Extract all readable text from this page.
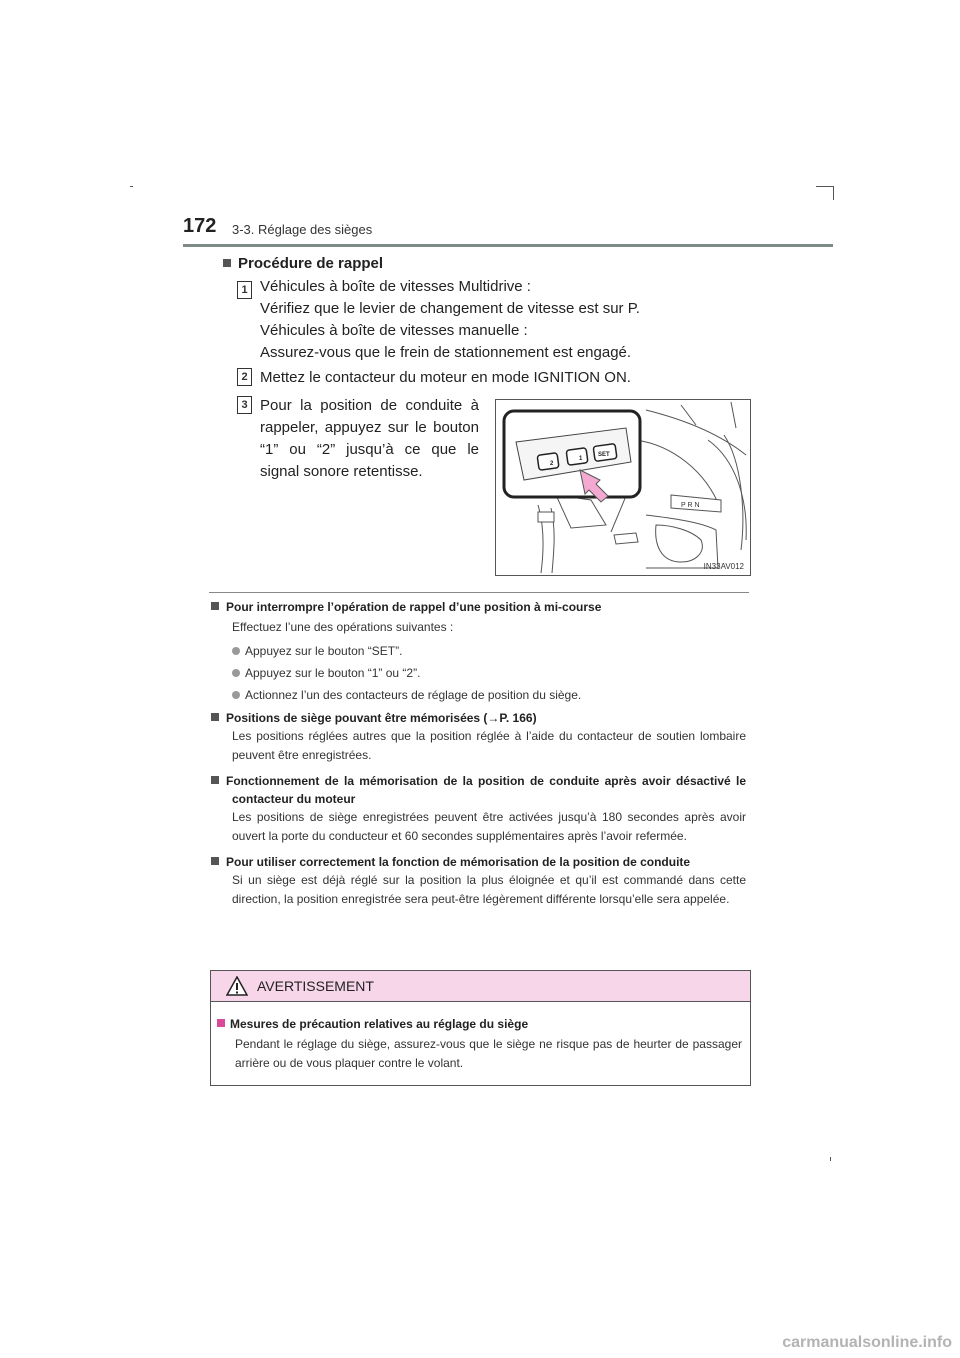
172 3-3. Réglage des sièges
Procédure de rappel
1 Véhicules à boîte de vitesses Multidrive :
Vérifiez que le levier de changement de vitesse est sur P.
Véhicules à boîte de vitesses manuelle :
Assurez-vous que le frein de stationnement est engagé.
2 Mettez le contacteur du moteur en mode IGNITION ON.
3 Pour la position de conduite à rappeler, appuyez sur le bouton “1” ou “2” jusqu’à ce que le signal sonore retentisse.
P R N
2
1
SET
IN33AV012
Pour interrompre l’opération de rappel d’une position à mi-course
Effectuez l’une des opérations suivantes :
Appuyez sur le bouton “SET”.
Appuyez sur le bouton “1” ou “2”.
Actionnez l’un des contacteurs de réglage de position du siège.
Positions de siège pouvant être mémorisées (→P. 166)
Les positions réglées autres que la position réglée à l’aide du contacteur de soutien lombaire peuvent être enregistrées.
Fonctionnement de la mémorisation de la position de conduite après avoir désactivé le contacteur du moteur
Les positions de siège enregistrées peuvent être activées jusqu’à 180 secondes après avoir ouvert la porte du conducteur et 60 secondes supplémentaires après l’avoir refermée.
Pour utiliser correctement la fonction de mémorisation de la position de conduite
Si un siège est déjà réglé sur la position la plus éloignée et qu’il est commandé dans cette direction, la position enregistrée sera peut-être légèrement différente lorsqu’elle sera appelée.
AVERTISSEMENT
Mesures de précaution relatives au réglage du siège
Pendant le réglage du siège, assurez-vous que le siège ne risque pas de heurter de passager arrière ou de vous plaquer contre le volant.
carmanualsonline.info
